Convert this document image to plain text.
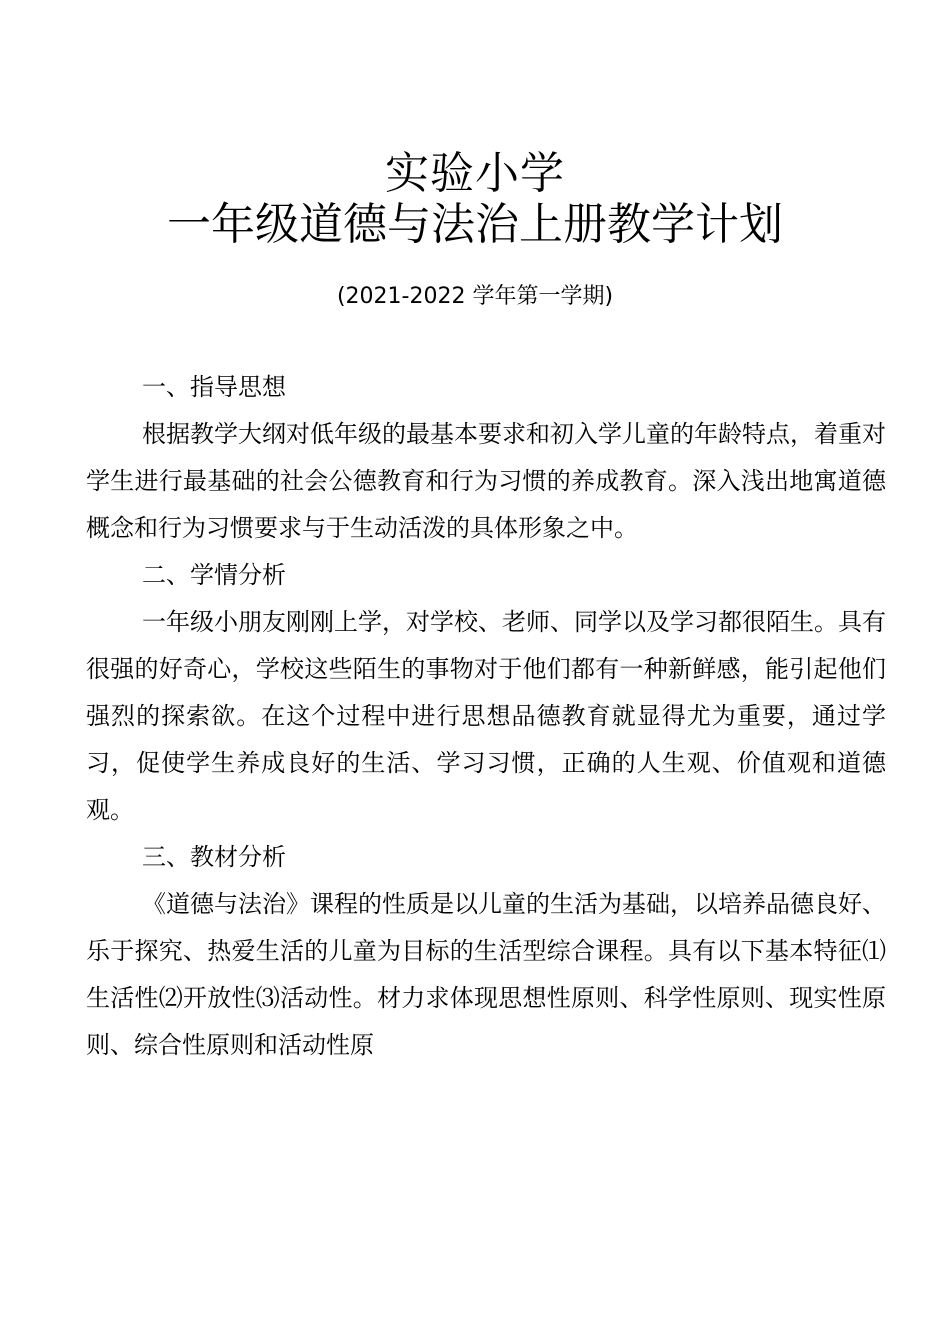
实验小学
一年级道德与法治上册教学计划
(2021-2022 学年第一学期)
一、指导思想

根据教学大纲对低年级的最基本要求和初入学儿童的年龄特点，着重对学生进行最基础的社会公德教育和行为习惯的养成教育。深入浅出地寓道德概念和行为习惯要求与于生动活泼的具体形象之中。

二、学情分析

一年级小朋友刚刚上学，对学校、老师、同学以及学习都很陌生。具有很强的好奇心，学校这些陌生的事物对于他们都有一种新鲜感，能引起他们强烈的探索欲。在这个过程中进行思想品德教育就显得尤为重要，通过学习，促使学生养成良好的生活、学习习惯，正确的人生观、价值观和道德观。

三、教材分析

《道德与法治》课程的性质是以儿童的生活为基础，以培养品德良好、乐于探究、热爱生活的儿童为目标的生活型综合课程。具有以下基本特征⑴生活性⑵开放性⑶活动性。材力求体现思想性原则、科学性原则、现实性原则、综合性原则和活动性原
